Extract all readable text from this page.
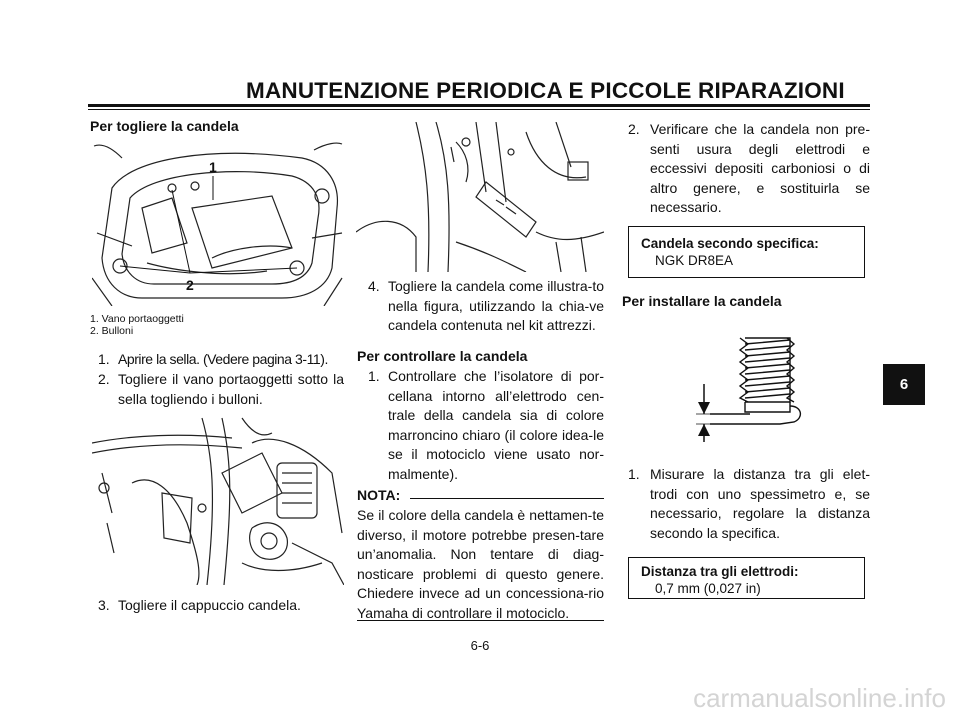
MANUTENZIONE PERIODICA E PICCOLE RIPARAZIONI
Per togliere la candela
1
2
1. Vano portaoggetti
2. Bulloni
1. Aprire la sella. (Vedere pagina 3-11).
2. Togliere il vano portaoggetti sotto la sella togliendo i bulloni.
3. Togliere il cappuccio candela.
4. Togliere la candela come illustra-to nella figura, utilizzando la chia-ve candela contenuta nel kit attrezzi.
Per controllare la candela
1. Controllare che l’isolatore di por-cellana intorno all’elettrodo cen-trale della candela sia di colore marroncino chiaro (il colore idea-le se il motociclo viene usato nor-malmente).
NOTA:
Se il colore della candela è nettamen-te diverso, il motore potrebbe presen-tare un’anomalia. Non tentare di diag-nosticare problemi di questo genere. Chiedere invece ad un concessiona-rio Yamaha di controllare il motociclo.
2. Verificare che la candela non pre-senti usura degli elettrodi e eccessivi depositi carboniosi o di altro genere, e sostituirla se necessario.
Candela secondo specifica:
NGK DR8EA
Per installare la candela
1. Misurare la distanza tra gli elet-trodi con uno spessimetro e, se necessario, regolare la distanza secondo la specifica.
Distanza tra gli elettrodi:
0,7 mm (0,027 in)
6
6-6
carmanualsonline.info
